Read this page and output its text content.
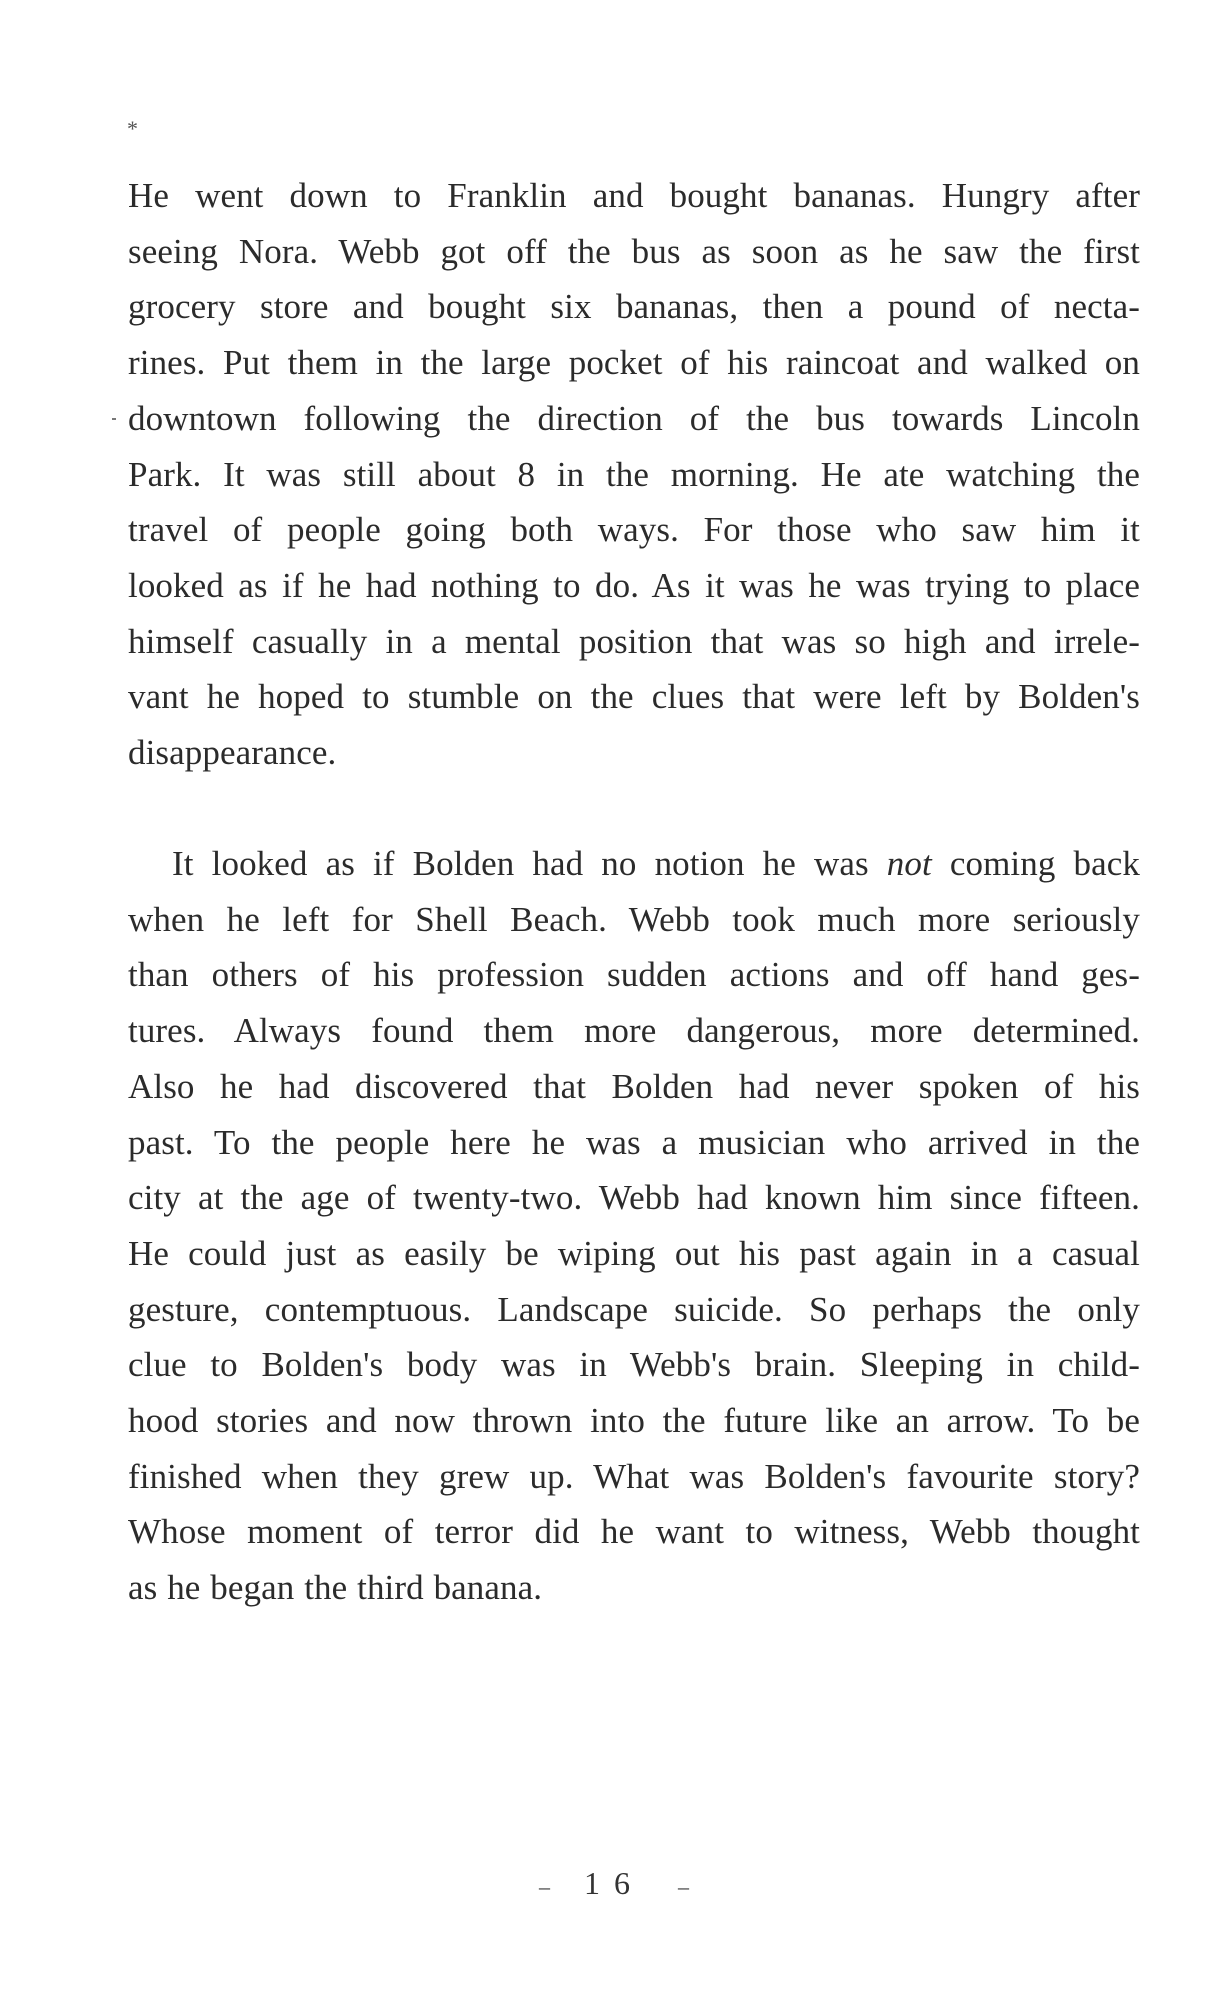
*
He went down to Franklin and bought bananas. Hungry after
seeing Nora. Webb got off the bus as soon as he saw the first
grocery store and bought six bananas, then a pound of necta-
rines. Put them in the large pocket of his raincoat and walked on
downtown following the direction of the bus towards Lincoln
Park. It was still about 8 in the morning. He ate watching the
travel of people going both ways. For those who saw him it
looked as if he had nothing to do. As it was he was trying to place
himself casually in a mental position that was so high and irrele-
vant he hoped to stumble on the clues that were left by Bolden's
disappearance.
It looked as if Bolden had no notion he was not coming back
when he left for Shell Beach. Webb took much more seriously
than others of his profession sudden actions and off hand ges-
tures. Always found them more dangerous, more determined.
Also he had discovered that Bolden had never spoken of his
past. To the people here he was a musician who arrived in the
city at the age of twenty-two. Webb had known him since fifteen.
He could just as easily be wiping out his past again in a casual
gesture, contemptuous. Landscape suicide. So perhaps the only
clue to Bolden's body was in Webb's brain. Sleeping in child-
hood stories and now thrown into the future like an arrow. To be
finished when they grew up. What was Bolden's favourite story?
Whose moment of terror did he want to witness, Webb thought
as he began the third banana.
– 16 –
